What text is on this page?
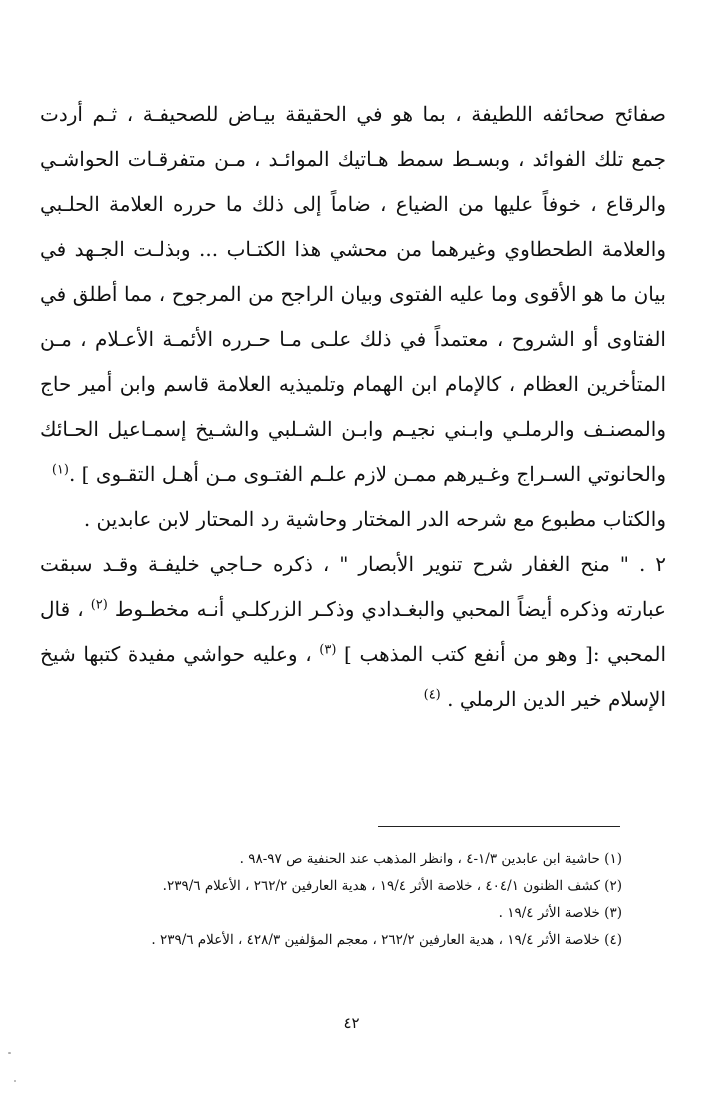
صفائح صحائفه اللطيفة ، بما هو في الحقيقة بيـاض للصحيفـة ، ثـم أردت جمع تلك الفوائد ، وبسـط سمط هـاتيك الموائـد ، مـن متفرقـات الحواشـي والرقاع ، خوفاً عليها من الضياع ، ضاماً إلى ذلك ما حرره العلامة الحلـبي والعلامة الطحطاوي وغيرهما من محشي هذا الكتـاب ... وبذلـت الجـهد في بيان ما هو الأقوى وما عليه الفتوى وبيان الراجح من المرجوح ، مما أطلق في الفتاوى أو الشروح ، معتمداً في ذلك علـى مـا حـرره الأئمـة الأعـلام ، مـن المتأخرين العظام ، كالإمام ابن الهمام وتلميذيه العلامة قاسم وابن أمير حاج والمصنـف والرملـي وابـني نجيـم وابـن الشـلبي والشـيخ إسمـاعيل الحـائك والحانوتي السـراج وغـيرهم ممـن لازم علـم الفتـوى مـن أهـل التقـوى ] .$^{(١)}$

والكتاب مطبوع مع شرحه الدر المختار وحاشية رد المحتار لابن عابدين .

٢ . " منح الغفار شرح تنوير الأبصار " ، ذكره حـاجي خليفـة وقـد سبقت عبارته وذكره أيضاً المحبي والبغـدادي وذكـر الزركلـي أنـه مخطـوط $^{(٢)}$ ، قال المحبي :[ وهو من أنفع كتب المذهب ] $^{(٣)}$ ، وعليه حواشي مفيدة كتبها شيخ الإسلام خير الدين الرملي . $^{(٤)}$

(١) حاشية ابن عابدين ١/٣-٤ ، وانظر المذهب عند الحنفية ص ٩٧-٩٨ .

(٢) كشف الظنون ٤٠٤/١ ، خلاصة الأثر ١٩/٤ ، هدية العارفين ٢٦٢/٢ ، الأعلام ٢٣٩/٦.

(٣) خلاصة الأثر ١٩/٤ .

(٤) خلاصة الأثر ١٩/٤ ، هدية العارفين ٢٦٢/٢ ، معجم المؤلفين ٤٢٨/٣ ، الأعلام ٢٣٩/٦ .

٤٢
